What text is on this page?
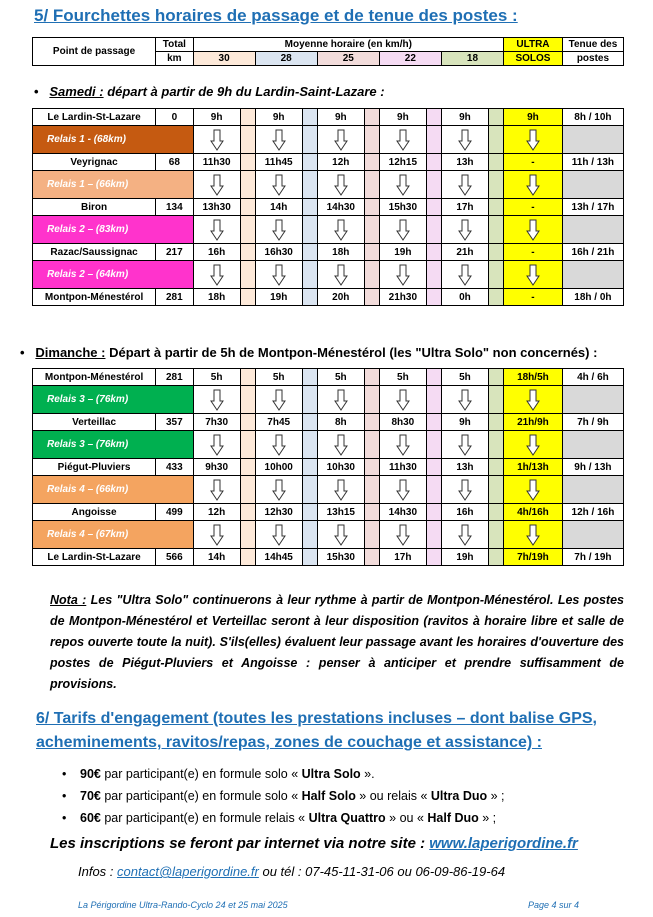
5/ Fourchettes horaires de passage et de tenue des postes :
Point de passage	Total	Moyenne horaire (en km/h)					ULTRA	Tenue des
	km	30	28	25	22	18	SOLOS	postes
•   Samedi : départ à partir de 9h du Lardin-Saint-Lazare :
Le Lardin-St-Lazare	0	9h		9h		9h		9h		9h		9h	8h / 10h
Relais 1 - (68km)	

Veyrignac	68	11h30		11h45		12h		12h15		13h		-	11h / 13h
Relais 1 – (66km)	

Biron	134	13h30		14h		14h30		15h30		17h		-	13h / 17h
Relais 2 – (83km)	

Razac/Saussignac	217	16h		16h30		18h		19h		21h		-	16h / 21h
Relais 2 – (64km)	

Montpon-Ménestérol	281	18h		19h		20h		21h30		0h		-	18h / 0h
•   Dimanche : Départ à partir de 5h de Montpon-Ménestérol (les "Ultra Solo" non concernés) :
Montpon-Ménestérol	281	5h		5h		5h		5h		5h		18h/5h	4h / 6h
Relais 3 – (76km)	

Verteillac	357	7h30		7h45		8h		8h30		9h		21h/9h	7h / 9h
Relais 3 – (76km)	

Piégut-Pluviers	433	9h30		10h00		10h30		11h30		13h		1h/13h	9h / 13h
Relais 4 – (66km)	

Angoisse	499	12h		12h30		13h15		14h30		16h		4h/16h	12h / 16h
Relais 4 – (67km)	

Le Lardin-St-Lazare	566	14h		14h45		15h30		17h		19h		7h/19h	7h / 19h
Nota : Les "Ultra Solo" continuerons à leur rythme à partir de Montpon-Ménestérol. Les postes de Montpon-Ménestérol et Verteillac seront à leur disposition (ravitos à horaire libre et salle de repos ouverte toute la nuit). S'ils(elles) évaluent leur passage avant les horaires d'ouverture des postes de Piégut-Pluviers et Angoisse : penser à anticiper et prendre suffisamment de provisions.
6/ Tarifs d'engagement (toutes les prestations incluses – dont balise GPS, acheminements, ravitos/repas, zones de couchage et assistance) :
• 90€ par participant(e) en formule solo « Ultra Solo ».
• 70€ par participant(e) en formule solo « Half Solo » ou relais « Ultra Duo » ;
• 60€ par participant(e) en formule relais « Ultra Quattro » ou « Half Duo » ;
Les inscriptions se feront par internet via notre site : www.laperigordine.fr
Infos : contact@laperigordine.fr ou tél : 07-45-11-31-06 ou 06-09-86-19-64
La Périgordine Ultra-Rando-Cyclo 24 et 25 mai 2025	Page 4 sur 4
